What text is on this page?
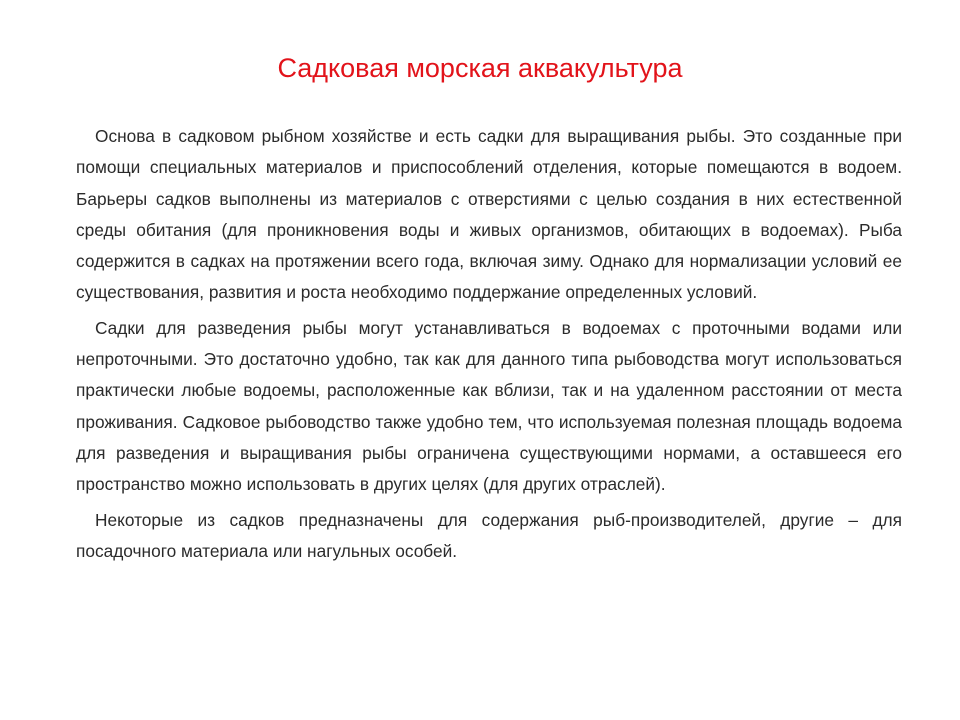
Садковая морская аквакультура

Основа в садковом рыбном хозяйстве и есть садки для выращивания рыбы. Это созданные при помощи специальных материалов и приспособлений отделения, которые помещаются в водоем. Барьеры садков выполнены из материалов с отверстиями с целью создания в них естественной среды обитания (для проникновения воды и живых организмов, обитающих в водоемах). Рыба содержится в садках на протяжении всего года, включая зиму. Однако для нормализации условий ее существования, развития и роста необходимо поддержание определенных условий.

Садки для разведения рыбы могут устанавливаться в водоемах с проточными водами или непроточными. Это достаточно удобно, так как для данного типа рыбоводства могут использоваться практически любые водоемы, расположенные как вблизи, так и на удаленном расстоянии от места проживания. Садковое рыбоводство также удобно тем, что используемая полезная площадь водоема для разведения и выращивания рыбы ограничена существующими нормами, а оставшееся его пространство можно использовать в других целях (для других отраслей).

Некоторые из садков предназначены для содержания рыб-производителей, другие – для посадочного материала или нагульных особей.
